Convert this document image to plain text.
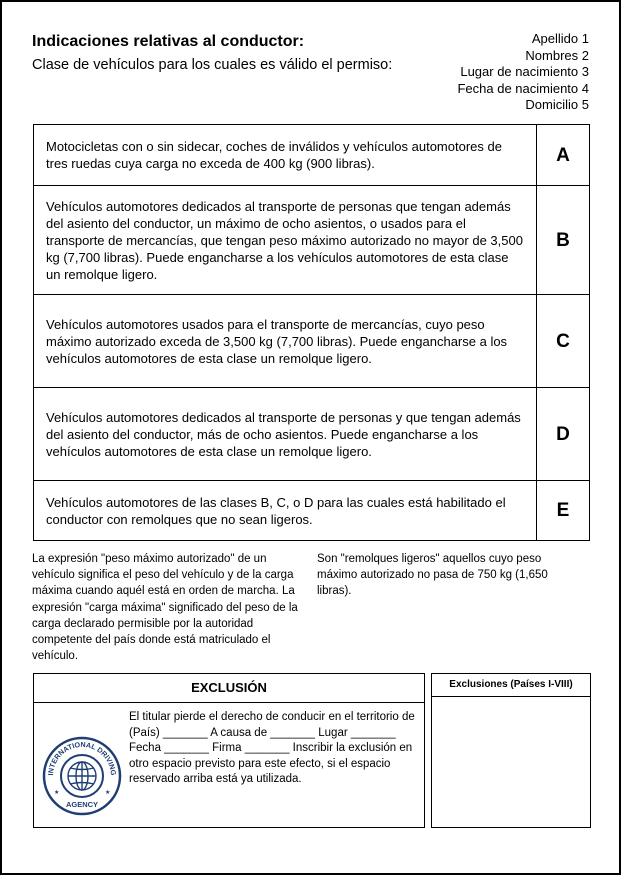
Indicaciones relativas al conductor:
Clase de vehículos para los cuales es válido el permiso:
Apellido 1
Nombres 2
Lugar de nacimiento 3
Fecha de nacimiento 4
Domicilio 5
Motocicletas con o sin sidecar, coches de inválidos y vehículos automotores de tres ruedas cuya carga no exceda de 400 kg (900 libras).	A
Vehículos automotores dedicados al transporte de personas que tengan además del asiento del conductor, un máximo de ocho asientos, o usados para el transporte de mercancías, que tengan peso máximo autorizado no mayor de 3,500 kg (7,700 libras). Puede engancharse a los vehículos automotores de esta clase un remolque ligero.	B
Vehículos automotores usados para el transporte de mercancías, cuyo peso máximo autorizado exceda de 3,500 kg (7,700 libras). Puede engancharse a los vehículos automotores de esta clase un remolque ligero.	C
Vehículos automotores dedicados al transporte de personas y que tengan además del asiento del conductor, más de ocho asientos. Puede engancharse a los vehículos automotores de esta clase un remolque ligero.	D
Vehículos automotores de las clases B, C, o D para las cuales está habilitado el conductor con remolques que no sean ligeros.	E
La expresión "peso máximo autorizado" de un vehículo significa el peso del vehículo y de la carga máxima cuando aquél está en orden de marcha. La expresión "carga máxima" significado del peso de la carga declarado permisible por la autoridad competente del país donde está matriculado el vehículo.
Son "remolques ligeros" aquellos cuyo peso máximo autorizado no pasa de 750 kg (1,650 libras).
EXCLUSIÓN
INTERNATIONAL DRIVING
AGENCY
★	★
El titular pierde el derecho de conducir en el territorio de (País) _______ A causa de _______ Lugar _______ Fecha _______ Firma _______ Inscribir la exclusión en otro espacio previsto para este efecto, si el espacio reservado arriba está ya utilizada.
Exclusiones (Países I-VIII)
